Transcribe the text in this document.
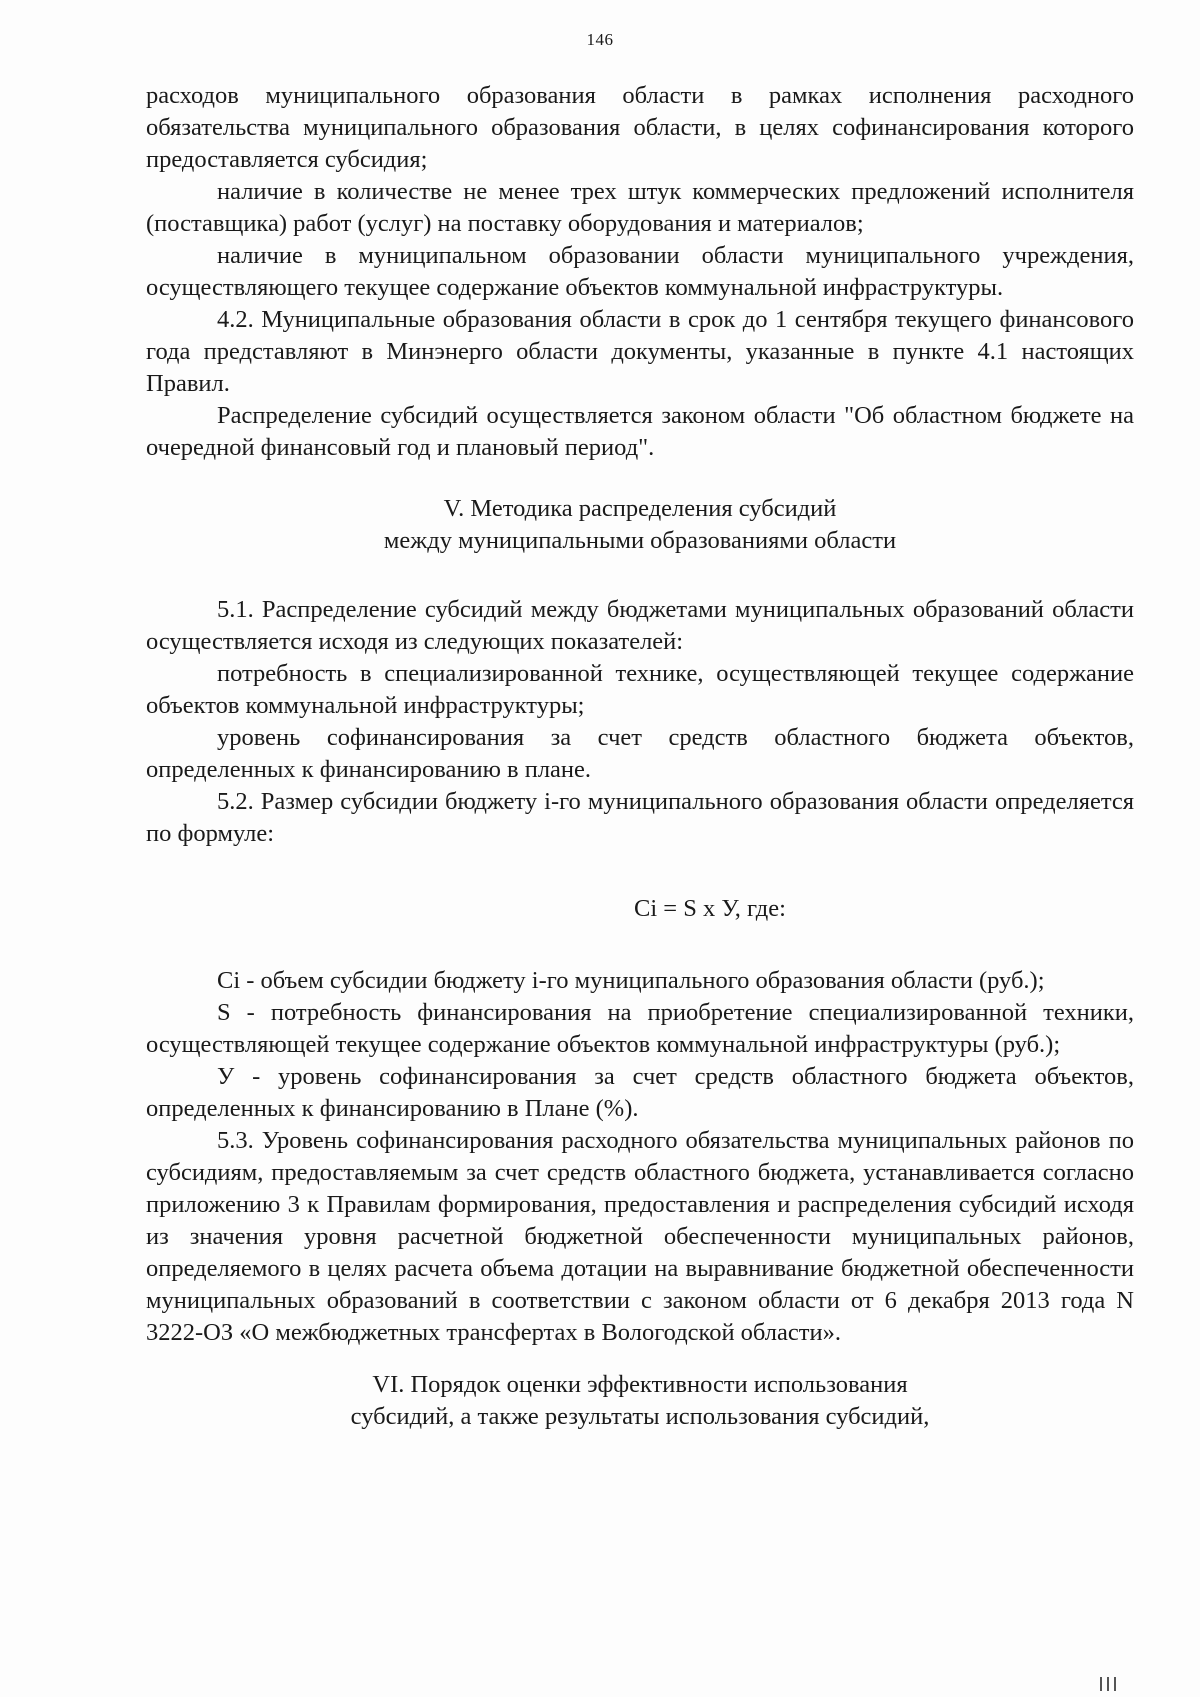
146

расходов муниципального образования области в рамках исполнения расходного обязательства муниципального образования области, в целях софинансирования которого предоставляется субсидия;

наличие в количестве не менее трех штук коммерческих предложений исполнителя (поставщика) работ (услуг) на поставку оборудования и материалов;

наличие в муниципальном образовании области муниципального учреждения, осуществляющего текущее содержание объектов коммунальной инфраструктуры.

4.2. Муниципальные образования области в срок до 1 сентября текущего финансового года представляют в Минэнерго области документы, указанные в пункте 4.1 настоящих Правил.

Распределение субсидий осуществляется законом области "Об областном бюджете на очередной финансовый год и плановый период".

V. Методика распределения субсидий
между муниципальными образованиями области

5.1. Распределение субсидий между бюджетами муниципальных образований области осуществляется исходя из следующих показателей:

потребность в специализированной технике, осуществляющей текущее содержание объектов коммунальной инфраструктуры;

уровень софинансирования за счет средств областного бюджета объектов, определенных к финансированию в плане.

5.2. Размер субсидии бюджету i-го муниципального образования области определяется по формуле:

Ci = S x У, где:

Ci - объем субсидии бюджету i-го муниципального образования области (руб.);

S - потребность финансирования на приобретение специализированной техники, осуществляющей текущее содержание объектов коммунальной инфраструктуры (руб.);

У - уровень софинансирования за счет средств областного бюджета объектов, определенных к финансированию в Плане (%).

5.3. Уровень софинансирования расходного обязательства муниципальных районов по субсидиям, предоставляемым за счет средств областного бюджета, устанавливается согласно приложению 3 к Правилам формирования, предоставления и распределения субсидий исходя из значения уровня расчетной бюджетной обеспеченности муниципальных районов, определяемого в целях расчета объема дотации на выравнивание бюджетной обеспеченности муниципальных образований в соответствии с законом области от 6 декабря 2013 года N 3222-ОЗ «О межбюджетных трансфертах в Вологодской области».

VI. Порядок оценки эффективности использования
субсидий, а также результаты использования субсидий,
